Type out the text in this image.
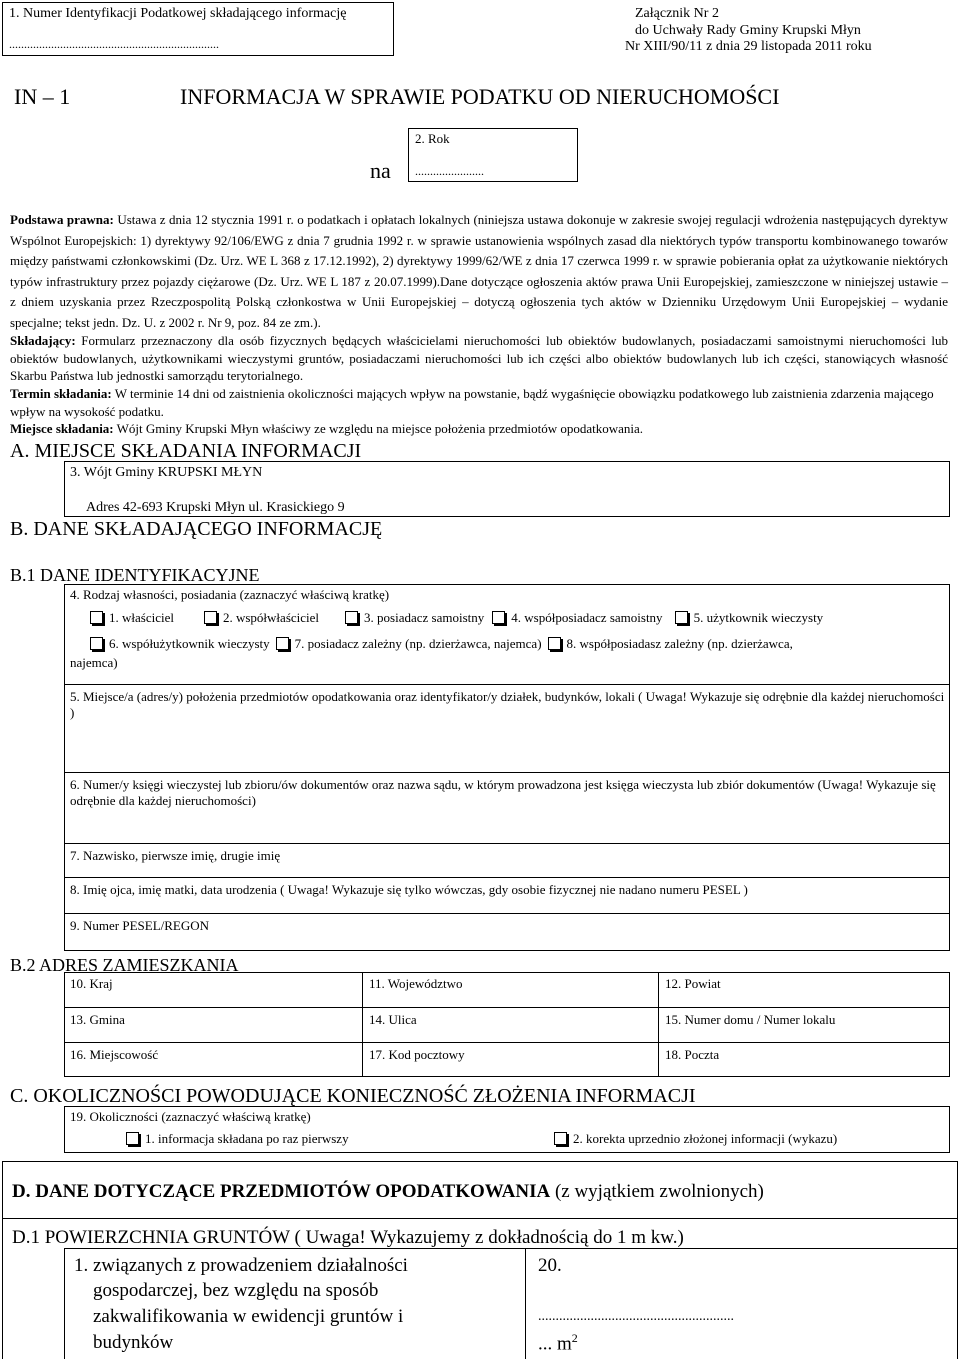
1. Numer Identyfikacji Podatkowej składającego informację
......................................................................
Załącznik Nr 2
do Uchwały Rady Gminy Krupski Młyn
Nr XIII/90/11 z dnia 29 listopada 2011 roku
IN – 1	INFORMACJA W SPRAWIE PODATKU OD NIERUCHOMOŚCI
na
2. Rok
.......................
Podstawa prawna: Ustawa z dnia 12 stycznia 1991 r. o podatkach i opłatach lokalnych (niniejsza ustawa dokonuje w zakresie swojej regulacji wdrożenia następujących dyrektyw Wspólnot Europejskich: 1) dyrektywy 92/106/EWG z dnia 7 grudnia 1992 r. w sprawie ustanowienia wspólnych zasad dla niektórych typów transportu kombinowanego towarów między państwami członkowskimi (Dz. Urz. WE L 368 z 17.12.1992), 2) dyrektywy 1999/62/WE z dnia 17 czerwca 1999 r. w sprawie pobierania opłat za użytkowanie niektórych typów infrastruktury przez pojazdy ciężarowe (Dz. Urz. WE L 187 z 20.07.1999).Dane dotyczące ogłoszenia aktów prawa Unii Europejskiej, zamieszczone w niniejszej ustawie – z dniem uzyskania przez Rzeczpospolitą Polską członkostwa w Unii Europejskiej – dotyczą ogłoszenia tych aktów w Dzienniku Urzędowym Unii Europejskiej – wydanie specjalne; tekst jedn. Dz. U. z 2002 r. Nr 9, poz. 84 ze zm.).
Składający: Formularz przeznaczony dla osób fizycznych będących właścicielami nieruchomości lub obiektów budowlanych, posiadaczami samoistnymi nieruchomości lub obiektów budowlanych, użytkownikami wieczystymi gruntów, posiadaczami nieruchomości lub ich części albo obiektów budowlanych lub ich części, stanowiących własność Skarbu Państwa lub jednostki samorządu terytorialnego.
Termin składania: W terminie 14 dni od zaistnienia okoliczności mających wpływ na powstanie, bądź wygaśnięcie obowiązku podatkowego lub zaistnienia zdarzenia mającego wpływ na wysokość podatku.
Miejsce składania: Wójt Gminy Krupski Młyn właściwy ze względu na miejsce położenia przedmiotów opodatkowania.
A. MIEJSCE SKŁADANIA INFORMACJI
3. Wójt Gminy KRUPSKI MŁYN
Adres 42-693 Krupski Młyn ul. Krasickiego 9
B. DANE SKŁADAJĄCEGO INFORMACJĘ
B.1 DANE IDENTYFIKACYJNE
4. Rodzaj własności, posiadania (zaznaczyć właściwą kratkę)
1. właściciel	2. współwłaściciel	3. posiadacz samoistny	4. współposiadacz samoistny	5. użytkownik wieczysty
6. współużytkownik wieczysty	7. posiadacz zależny (np. dzierżawca, najemca)	8. współposiadasz zależny (np. dzierżawca,
najemca)
5. Miejsce/a (adres/y) położenia przedmiotów opodatkowania oraz identyfikator/y działek, budynków, lokali ( Uwaga! Wykazuje się odrębnie dla każdej nieruchomości )
6. Numer/y księgi wieczystej lub zbioru/ów dokumentów oraz nazwa sądu, w którym prowadzona jest księga wieczysta lub zbiór dokumentów (Uwaga! Wykazuje się odrębnie dla każdej nieruchomości)
7. Nazwisko, pierwsze imię, drugie imię
8. Imię ojca, imię matki, data urodzenia ( Uwaga! Wykazuje się tylko wówczas, gdy osobie fizycznej nie nadano numeru PESEL )
9. Numer PESEL/REGON
B.2 ADRES ZAMIESZKANIA
10. Kraj	11. Województwo	12. Powiat
13. Gmina	14. Ulica	15. Numer domu / Numer lokalu
16. Miejscowość	17. Kod pocztowy	18. Poczta
C. OKOLICZNOŚCI POWODUJĄCE KONIECZNOŚĆ ZŁOŻENIA INFORMACJI
19. Okoliczności (zaznaczyć właściwą kratkę)
1. informacja składana po raz pierwszy	2. korekta uprzednio złożonej informacji (wykazu)
D. DANE DOTYCZĄCE PRZEDMIOTÓW OPODATKOWANIA (z wyjątkiem zwolnionych)
D.1 POWIERZCHNIA GRUNTÓW ( Uwaga! Wykazujemy z dokładnością do 1 m kw.)
1. związanych z prowadzeniem działalności
gospodarczej, bez względu na sposób
zakwalifikowania w ewidencji gruntów i
budynków
20.
........................................................
... $m^2$
